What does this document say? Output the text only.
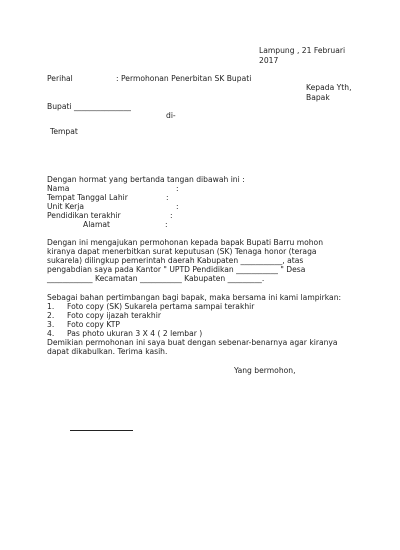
Lampung , 21 Februari
2017
Perihal	: Permohonan Penerbitan SK Bupati
Kepada Yth,
Bapak
Bupati _______________
di-
Tempat
Dengan hormat yang bertanda tangan dibawah ini :
Nama	:
Tempat Tanggal Lahir	:
Unit Kerja	:
Pendidikan terakhir	:
Alamat	:
Dengan ini mengajukan permohonan kepada bapak Bupati Barru mohon
kiranya dapat menerbitkan surat keputusan (SK) Tenaga honor (teraga
sukarela) dilingkup pemerintah daerah Kabupaten ___________, atas
pengabdian saya pada Kantor " UPTD Pendidikan ___________ " Desa
____________ Kecamatan ___________ Kabupaten _________.
Sebagai bahan pertimbangan bagi bapak, maka bersama ini kami lampirkan:
1. Foto copy (SK) Sukarela pertama sampai terakhir
2. Foto copy ijazah terakhir
3. Foto copy KTP
4. Pas photo ukuran 3 X 4 ( 2 lembar )
Demikian permohonan ini saya buat dengan sebenar-benarnya agar kiranya
dapat dikabulkan. Terima kasih.
Yang bermohon,
